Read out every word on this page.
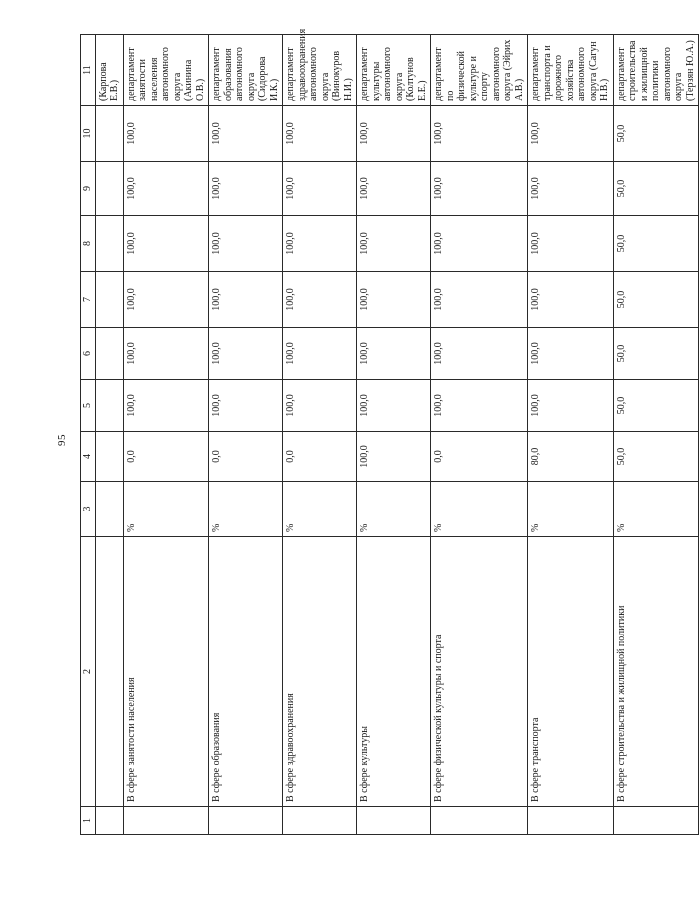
95
1	2	3	4	5	6	7	8	9	10	11
										(Карпова Е.В.)
	В сфере занятости населения	%	0,0	100,0	100,0	100,0	100,0	100,0	100,0	департамент занятости населения автономного округа (Акинина О.В.)
	В сфере образования	%	0,0	100,0	100,0	100,0	100,0	100,0	100,0	департамент образования автономного округа (Сидорова И.К.)
	В сфере здравоохранения	%	0,0	100,0	100,0	100,0	100,0	100,0	100,0	департамент здравоохранения автономного округа (Винокуров Н.И.)
	В сфере культуры	%	100,0	100,0	100,0	100,0	100,0	100,0	100,0	департамент культуры автономного округа (Колтунов Е.Е.)
	В сфере физической культуры и спорта	%	0,0	100,0	100,0	100,0	100,0	100,0	100,0	департамент по физической культуре и спорту автономного округа (Эйрих А.В.)
	В сфере транспорта	%	80,0	100,0	100,0	100,0	100,0	100,0	100,0	департамент транспорта и дорожного хозяйства автономного округа (Сагун Н.В.)
	В сфере строительства и жилищной политики	%	50,0	50,0	50,0	50,0	50,0	50,0	50,0	департамент строительства и жилищной политики автономного округа (Терзян Ю.А.)
